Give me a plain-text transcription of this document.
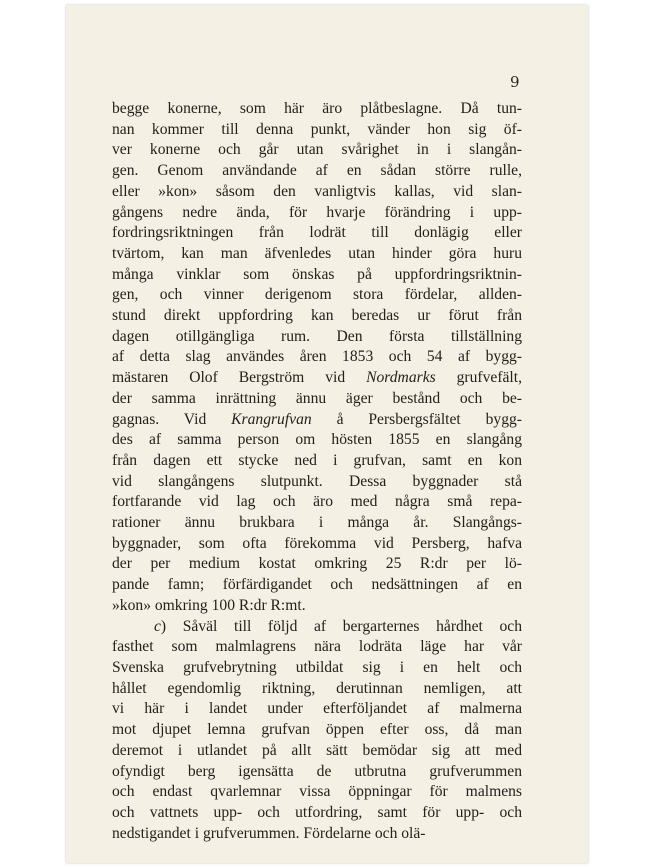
9
begge konerne, som här äro plåtbeslagne. Då tun-
nan kommer till denna punkt, vänder hon sig öf-
ver konerne och går utan svårighet in i slangån-
gen. Genom användande af en sådan större rulle,
eller »kon» såsom den vanligtvis kallas, vid slan-
gångens nedre ända, för hvarje förändring i upp-
fordringsriktningen från lodrät till donlägig eller
tvärtom, kan man äfvenledes utan hinder göra huru
många vinklar som önskas på uppfordringsriktnin-
gen, och vinner derigenom stora fördelar, allden-
stund direkt uppfordring kan beredas ur förut från
dagen otillgängliga rum. Den första tillställning
af detta slag användes åren 1853 och 54 af bygg-
mästaren Olof Bergström vid Nordmarks grufvefält,
der samma inrättning ännu äger bestånd och be-
gagnas. Vid Krangrufvan å Persbergsfältet bygg-
des af samma person om hösten 1855 en slangång
från dagen ett stycke ned i grufvan, samt en kon
vid slangångens slutpunkt. Dessa byggnader stå
fortfarande vid lag och äro med några små repa-
rationer ännu brukbara i många år. Slangångs-
byggnader, som ofta förekomma vid Persberg, hafva
der per medium kostat omkring 25 R:dr per lö-
pande famn; förfärdigandet och nedsättningen af en
»kon» omkring 100 R:dr R:mt.
c) Såväl till följd af bergarternes hårdhet och
fasthet som malmlagrens nära lodräta läge har vår
Svenska grufvebrytning utbildat sig i en helt och
hållet egendomlig riktning, derutinnan nemligen, att
vi här i landet under efterföljandet af malmerna
mot djupet lemna grufvan öppen efter oss, då man
deremot i utlandet på allt sätt bemödar sig att med
ofyndigt berg igensätta de utbrutna grufverummen
och endast qvarlemnar vissa öppningar för malmens
och vattnets upp- och utfordring, samt för upp- och
nedstigandet i grufverummen. Fördelarne och olä-
